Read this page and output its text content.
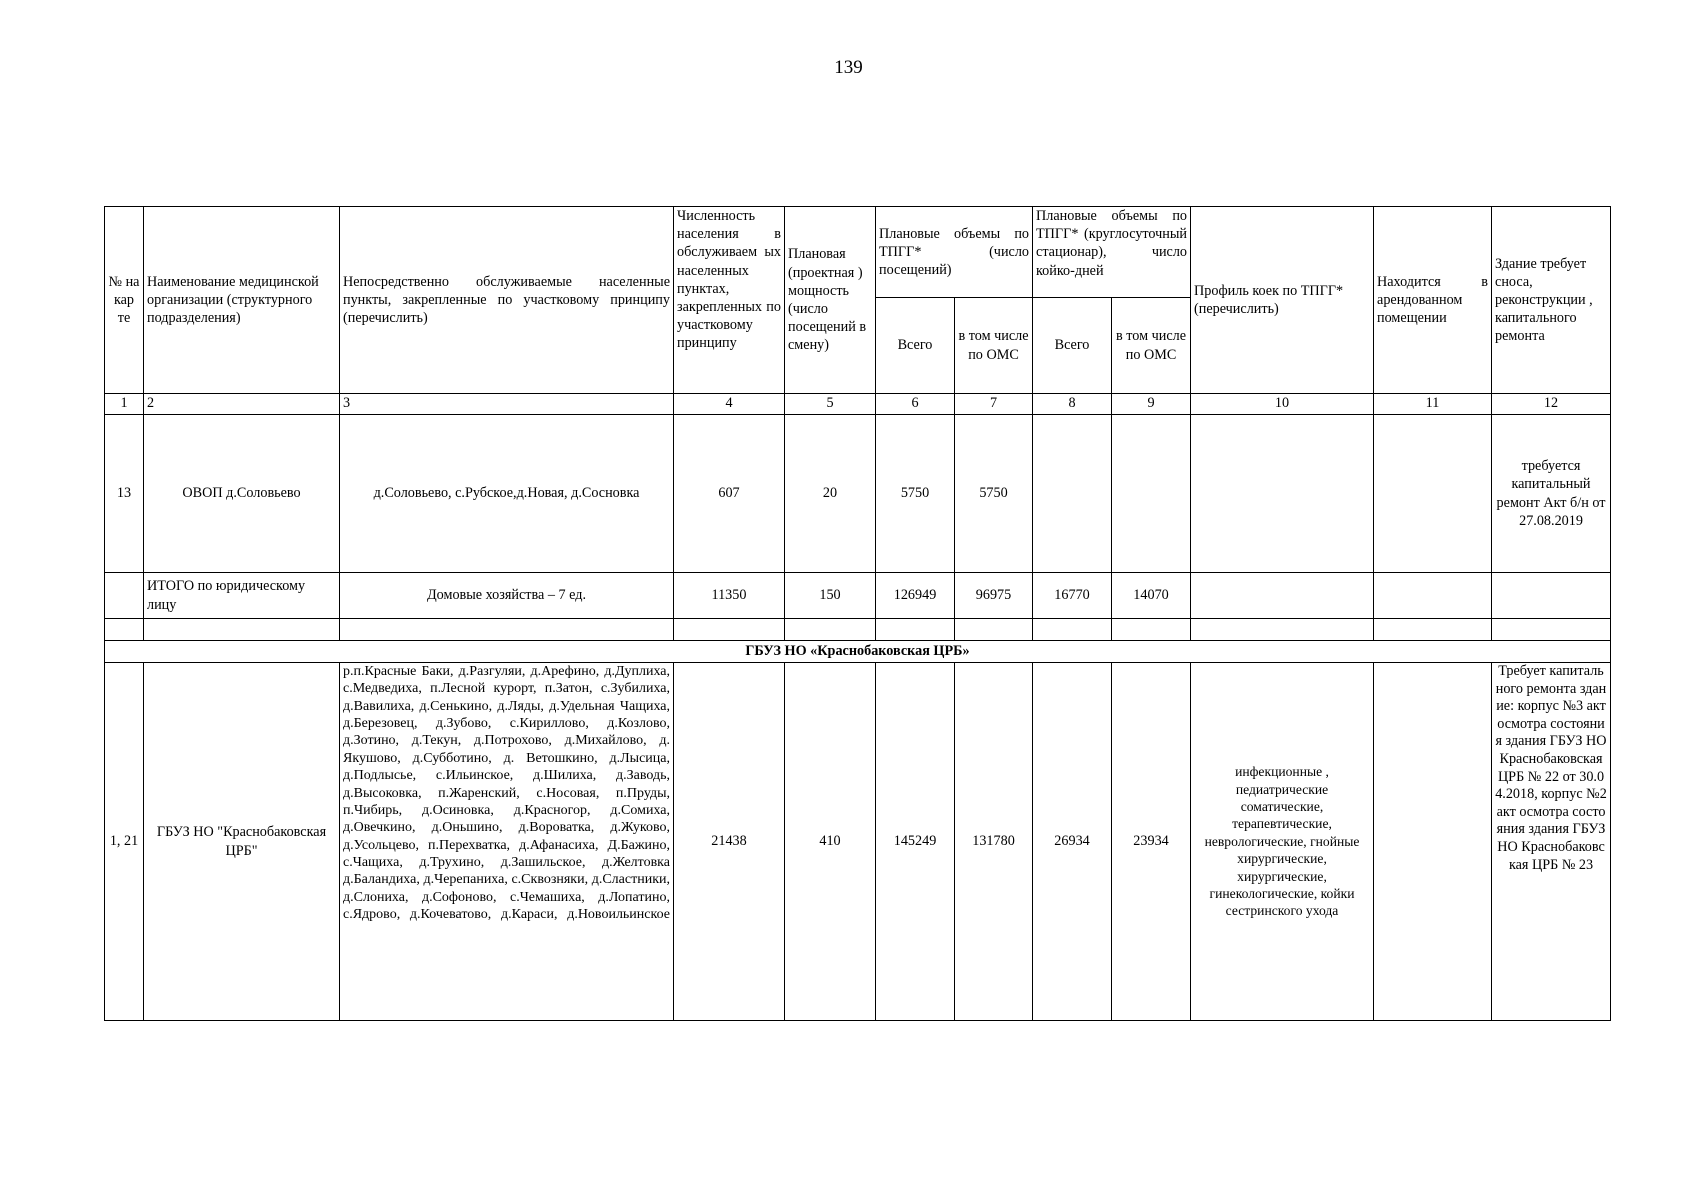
139
№ на кар те	Наименование медицинской организации (структурного подразделения)	Непосредственно обслуживаемые населенные пункты, закрепленные по участковому принципу (перечислить)	Численность населения в обслуживаем ых населенных пунктах, закрепленных по участковому принципу	Плановая (проектная ) мощность (число посещений в смену)	Плановые объемы по ТПГГ* (число посещений)		Плановые объемы по ТПГГ* (круглосуточный стационар), число койко-дней		Профиль коек по ТПГГ* (перечислить)	Находится в арендованном помещении	Здание требует сноса, реконструкции , капитального ремонта
					Всего	в том числе по ОМС	Всего	в том числе по ОМС			
1	2	3	4	5	6	7	8	9	10	11	12
13	ОВОП д.Соловьево	д.Соловьево, с.Рубское,д.Новая, д.Сосновка	607	20	5750	5750					требуется капитальный ремонт Акт б/н от 27.08.2019
	ИТОГО по юридическому лицу	Домовые хозяйства – 7 ед.	11350	150	126949	96975	16770	14070			

ГБУЗ НО «Краснобаковская ЦРБ»											
1, 21	ГБУЗ НО "Краснобаковская ЦРБ"	р.п.Красные Баки, д.Разгуляи, д.Арефино, д.Дуплиха, с.Медведиха, п.Лесной курорт, п.Затон, с.Зубилиха, д.Вавилиха, д.Сенькино, д.Ляды, д.Удельная Чащиха, д.Березовец, д.Зубово, с.Кириллово, д.Козлово, д.Зотино, д.Текун, д.Потрохово, д.Михайлово, д. Якушово, д.Субботино, д. Ветошкино, д.Лысица, д.Подлысье, с.Ильинское, д.Шилиха, д.Заводь, д.Высоковка, п.Жаренский, с.Носовая, п.Пруды, п.Чибирь, д.Осиновка, д.Красногор, д.Сомиха, д.Овечкино, д.Оньшино, д.Вороватка, д.Жуково, д.Усольцево, п.Перехватка, д.Афанасиха, Д.Бажино, с.Чащиха, д.Трухино, д.Зашильское, д.Желтовка д.Баландиха, д.Черепаниха, с.Сквозняки, д.Сластники, д.Слониха, д.Софоново, с.Чемашиха, д.Лопатино, с.Ядрово, д.Кочеватово, д.Караси, д.Новоильинское	21438	410	145249	131780	26934	23934	инфекционные , педиатрические соматические, терапевтические, неврологические, гнойные хирургические, хирургические, гинекологические, койки сестринского ухода		Требует капитального ремонта здание: корпус №3 акт осмотра состояния здания ГБУЗ НО Краснобаковская ЦРБ № 22 от 30.04.2018, корпус №2 акт осмотра состояния здания ГБУЗ НО Краснобаковская ЦРБ № 23
